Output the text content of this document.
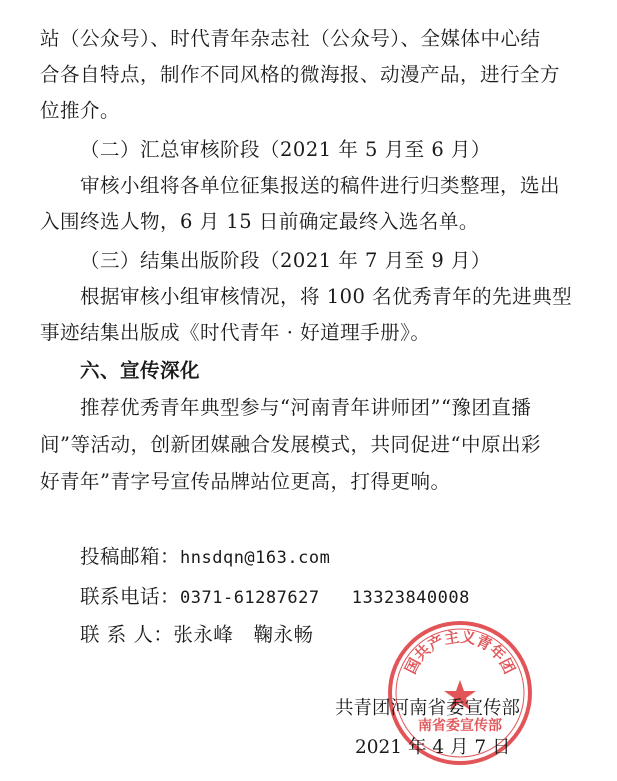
站（公众号）、时代青年杂志社（公众号）、全媒体中心结
合各自特点，制作不同风格的微海报、动漫产品，进行全方
位推介。
（二）汇总审核阶段（2021 年 5 月至 6 月）
审核小组将各单位征集报送的稿件进行归类整理，选出
入围终选人物，6 月 15 日前确定最终入选名单。
（三）结集出版阶段（2021 年 7 月至 9 月）
根据审核小组审核情况，将 100 名优秀青年的先进典型
事迹结集出版成《时代青年 · 好道理手册》。
六、宣传深化
推荐优秀青年典型参与“河南青年讲师团”“豫团直播
间”等活动，创新团媒融合发展模式，共同促进“中原出彩
好青年”青字号宣传品牌站位更高，打得更响。
投稿邮箱：hnsdqn@163.com
联系电话：0371-61287627   13323840008
联 系 人：张永峰   鞠永畅
国共产主义青年团
南省委宣传部
共青团河南省委宣传部
2021 年 4 月 7 日
